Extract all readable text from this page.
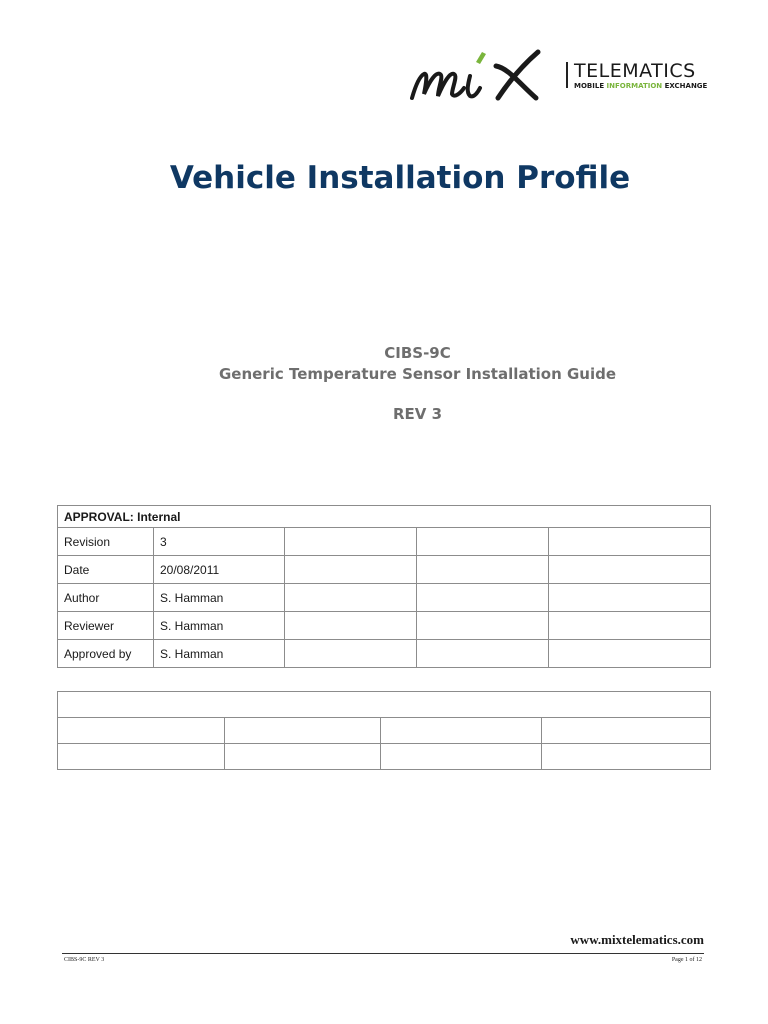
TELEMATICS
MOBILE INFORMATION EXCHANGE
Vehicle Installation Profile
CIBS-9C
Generic Temperature Sensor Installation Guide
REV 3
APPROVAL: Internal				
Revision	3			
Date	20/08/2011			
Author	S. Hamman			
Reviewer	S. Hamman			
Approved by	S. Hamman			

www.mixtelematics.com
CIBS-9C REV 3	Page 1 of 12
